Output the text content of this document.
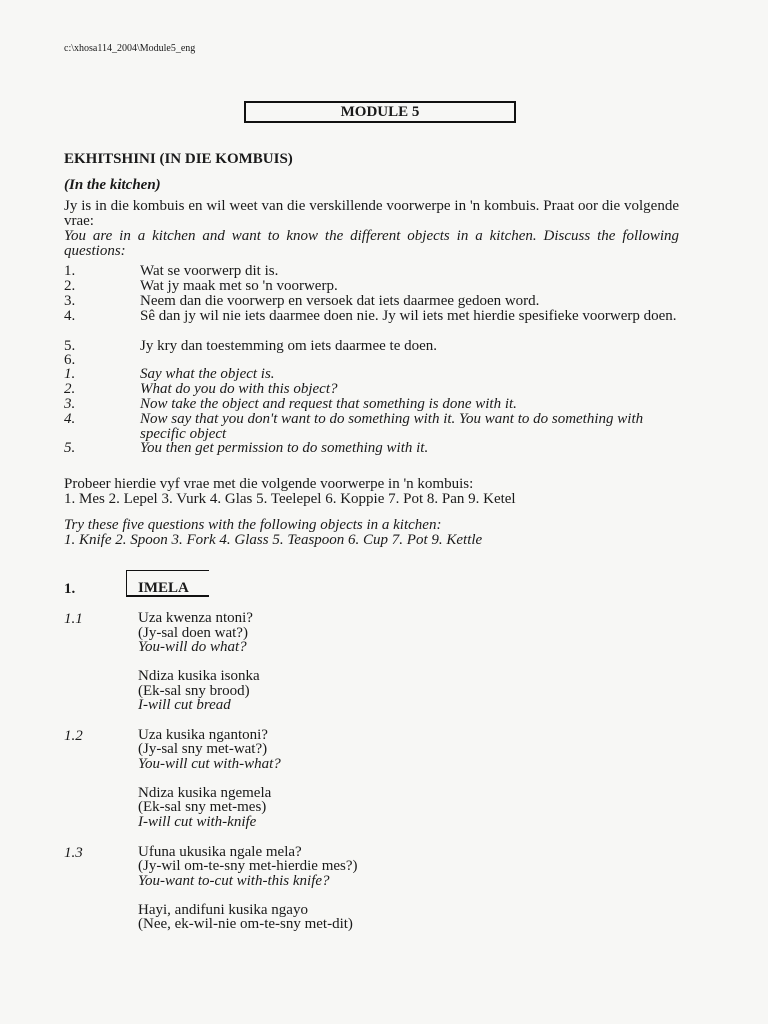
c:\xhosa114_2004\Module5_eng
MODULE 5
EKHITSHINI (IN DIE KOMBUIS)
(In the kitchen)
Jy is in die kombuis en wil weet van die verskillende voorwerpe in 'n kombuis. Praat oor die volgende vrae:
You are in a kitchen and want to know the different objects in a kitchen. Discuss the following questions:
1.	Wat se voorwerp dit is.
2.	Wat jy maak met so 'n voorwerp.
3.	Neem dan die voorwerp en versoek dat iets daarmee gedoen word.
4.	Sê dan jy wil nie iets daarmee doen nie. Jy wil iets met hierdie spesifieke voorwerp doen.
5.	Jy kry dan toestemming om iets daarmee te doen.
6.
1.	Say what the object is.
2.	What do you do with this object?
3.	Now take the object and request that something is done with it.
4.	Now say that you don't want to do something with it. You want to do something with specific object
5.	You then get permission to do something with it.
Probeer hierdie vyf vrae met die volgende voorwerpe in 'n kombuis:
1. Mes 2. Lepel 3. Vurk 4. Glas 5. Teelepel 6. Koppie 7. Pot 8. Pan 9. Ketel
Try these five questions with the following objects in a kitchen:
1. Knife 2. Spoon 3. Fork 4. Glass 5. Teaspoon 6. Cup 7. Pot 9. Kettle
1.	IMELA
1.1	Uza kwenza ntoni?
(Jy-sal doen wat?)
You-will do what?
Ndiza kusika isonka
(Ek-sal sny brood)
I-will cut bread
1.2	Uza kusika ngantoni?
(Jy-sal sny met-wat?)
You-will cut with-what?
Ndiza kusika ngemela
(Ek-sal sny met-mes)
I-will cut with-knife
1.3	Ufuna ukusika ngale mela?
(Jy-wil om-te-sny met-hierdie mes?)
You-want to-cut with-this knife?
Hayi, andifuni kusika ngayo
(Nee, ek-wil-nie om-te-sny met-dit)
